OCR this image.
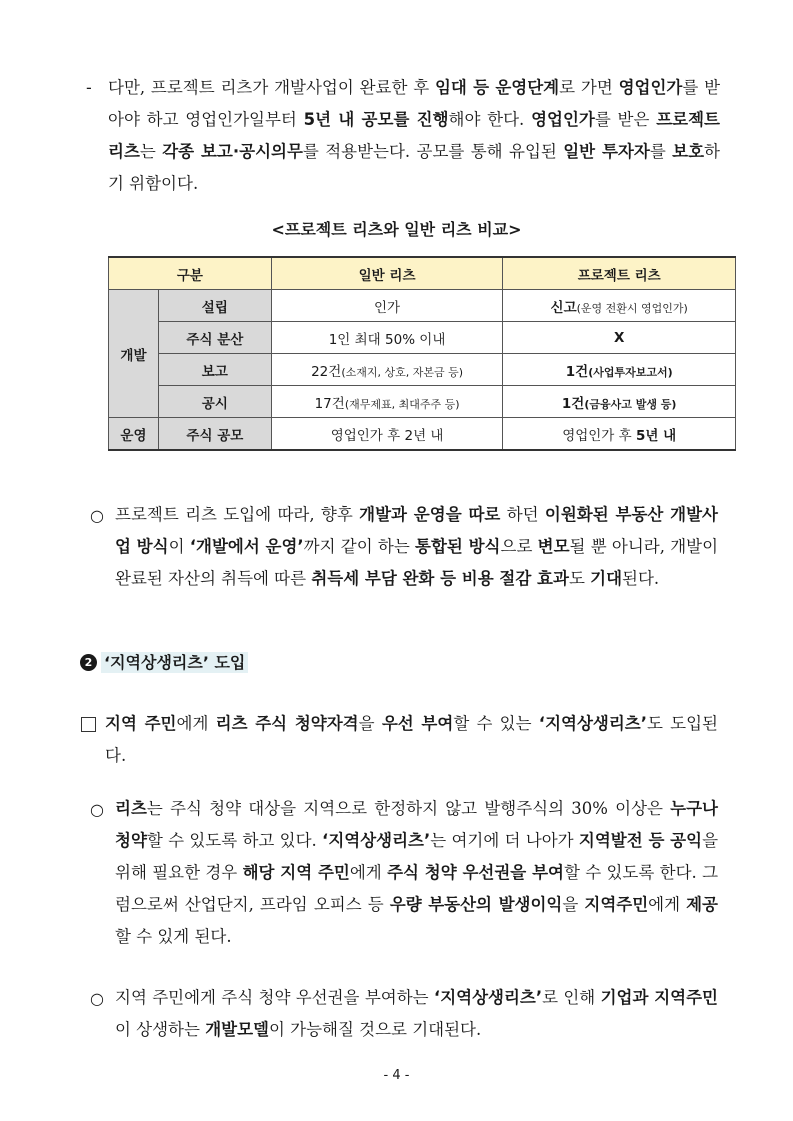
- 다만, 프로젝트 리츠가 개발사업이 완료한 후 임대 등 운영단계로 가면 영업인가를 받아야 하고 영업인가일부터 5년 내 공모를 진행해야 한다. 영업인가를 받은 프로젝트 리츠는 각종 보고·공시의무를 적용받는다. 공모를 통해 유입된 일반 투자자를 보호하기 위함이다.
<프로젝트 리츠와 일반 리츠 비교>
구분		일반 리츠	프로젝트 리츠
개발	설립	인가	신고(운영 전환시 영업인가)
	주식 분산	1인 최대 50% 이내	X
	보고	22건(소재지, 상호, 자본금 등)	1건(사업투자보고서)
	공시	17건(재무제표, 최대주주 등)	1건(금융사고 발생 등)
운영	주식 공모	영업인가 후 2년 내	영업인가 후 5년 내
○ 프로젝트 리츠 도입에 따라, 향후 개발과 운영을 따로 하던 이원화된 부동산 개발사업 방식이 ‘개발에서 운영’까지 같이 하는 통합된 방식으로 변모될 뿐 아니라, 개발이 완료된 자산의 취득에 따른 취득세 부담 완화 등 비용 절감 효과도 기대된다.
2 ‘지역상생리츠’ 도입
지역 주민에게 리츠 주식 청약자격을 우선 부여할 수 있는 ‘지역상생리츠’도 도입된다.
○ 리츠는 주식 청약 대상을 지역으로 한정하지 않고 발행주식의 30% 이상은 누구나 청약할 수 있도록 하고 있다. ‘지역상생리츠’는 여기에 더 나아가 지역발전 등 공익을 위해 필요한 경우 해당 지역 주민에게 주식 청약 우선권을 부여할 수 있도록 한다. 그럼으로써 산업단지, 프라임 오피스 등 우량 부동산의 발생이익을 지역주민에게 제공할 수 있게 된다.
○ 지역 주민에게 주식 청약 우선권을 부여하는 ‘지역상생리츠’로 인해 기업과 지역주민이 상생하는 개발모델이 가능해질 것으로 기대된다.
- 4 -
